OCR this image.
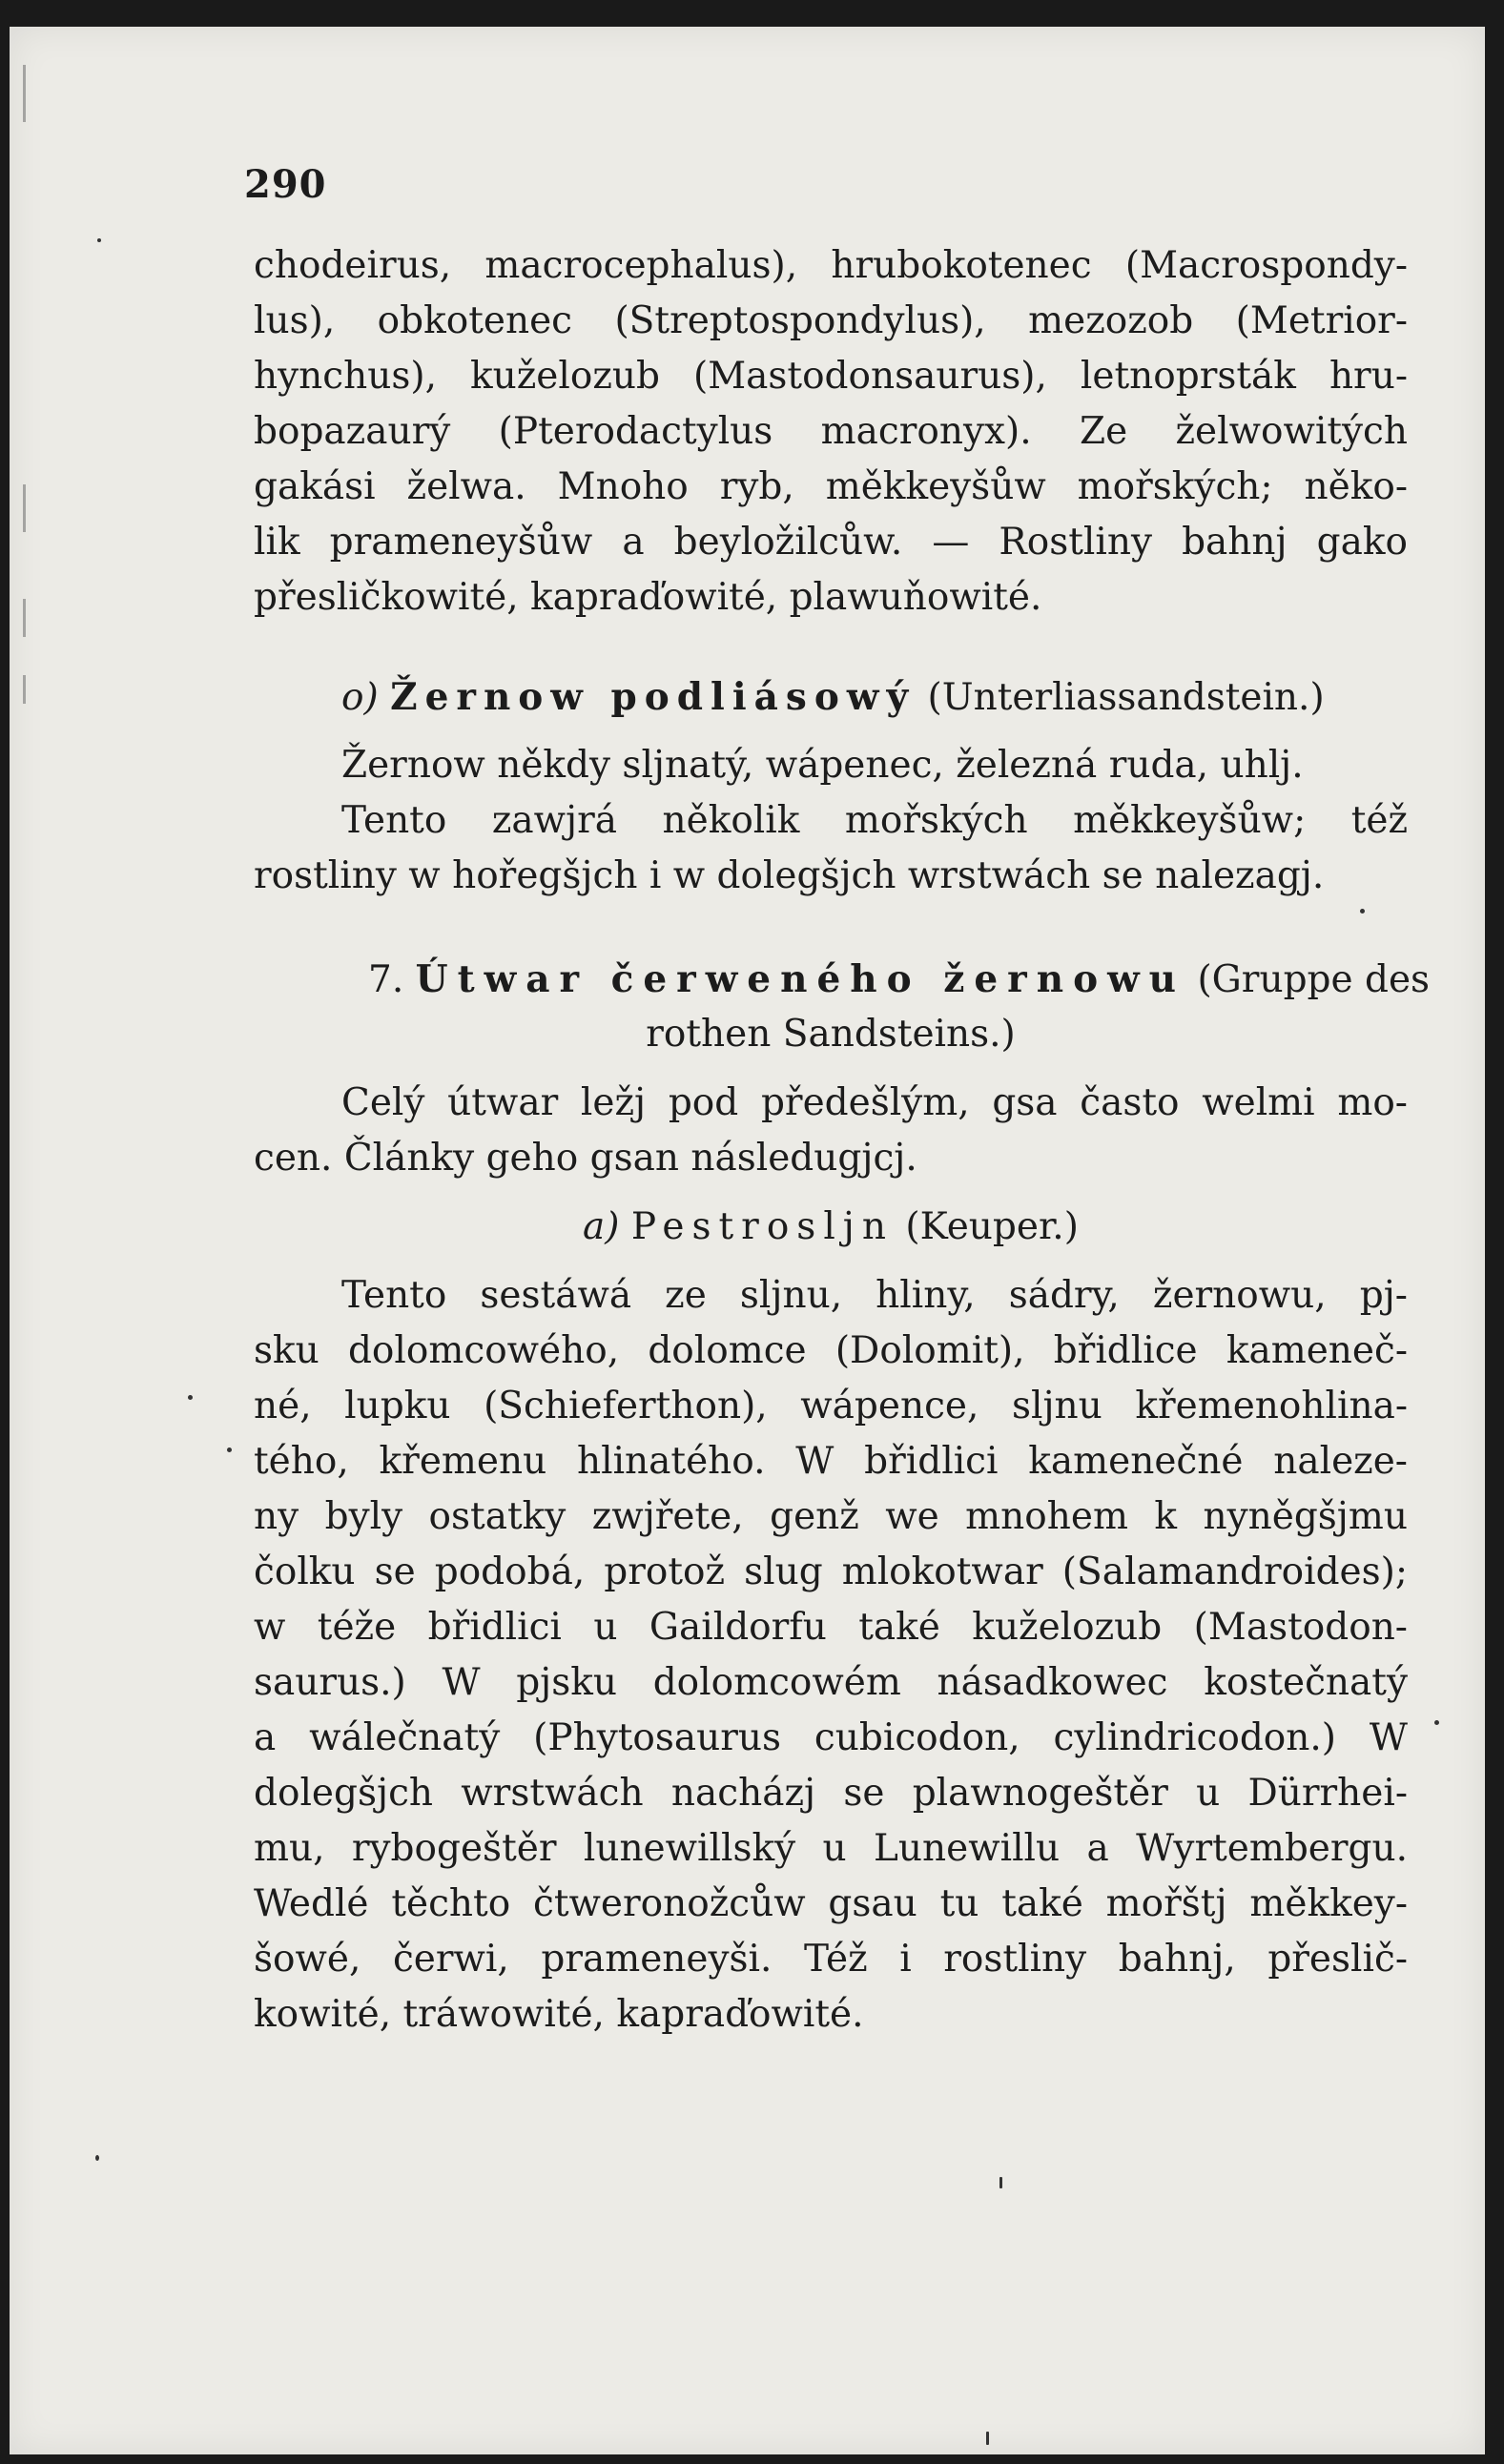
290
chodeirus, macrocephalus), hrubokotenec (Macrospondy-
lus), obkotenec (Streptospondylus), mezozob (Metrior-
hynchus), kuželozub (Mastodonsaurus), letnoprsták hru-
bopazaurý (Pterodactylus macronyx). Ze želwowitých
gakási želwa. Mnoho ryb, měkkeyšůw mořských; něko-
lik prameneyšůw a beyložilcůw. — Rostliny bahnj gako
přesličkowité, kapraďowité, plawuňowité.
o) Žernow podliásowý (Unterliassandstein.)
Žernow někdy sljnatý, wápenec, železná ruda, uhlj.
Tento zawjrá několik mořských měkkeyšůw; též
rostliny w hořegšjch i w dolegšjch wrstwách se nalezagj.
7. Útwar čerweného žernowu (Gruppe des
rothen Sandsteins.)
Celý útwar ležj pod předešlým, gsa často welmi mo-
cen. Články geho gsan následugjcj.
a) Pestroslјn (Keuper.)
Tento sestáwá ze sljnu, hliny, sádry, žernowu, pj-
sku dolomcowého, dolomce (Dolomit), břidlice kameneč-
né, lupku (Schieferthon), wápence, sljnu křemenohlina-
tého, křemenu hlinatého. W břidlici kamenečné naleze-
ny byly ostatky zwjřete, genž we mnohem k nyněgšjmu
čolku se podobá, protož slug mlokotwar (Salamandroides);
w téže břidlici u Gaildorfu také kuželozub (Mastodon-
saurus.) W pjsku dolomcowém násadkowec kostečnatý
a wálečnatý (Phytosaurus cubicodon, cylindricodon.) W
dolegšjch wrstwách nacházj se plawnogeštěr u Dürrhei-
mu, rybogeštěr lunewillský u Lunewillu a Wyrtembergu.
Wedlé těchto čtweronožcůw gsau tu také mořštj měkkey-
šowé, čerwi, prameneyši. Též i rostliny bahnj, přeslič-
kowité, tráwowité, kapraďowité.
